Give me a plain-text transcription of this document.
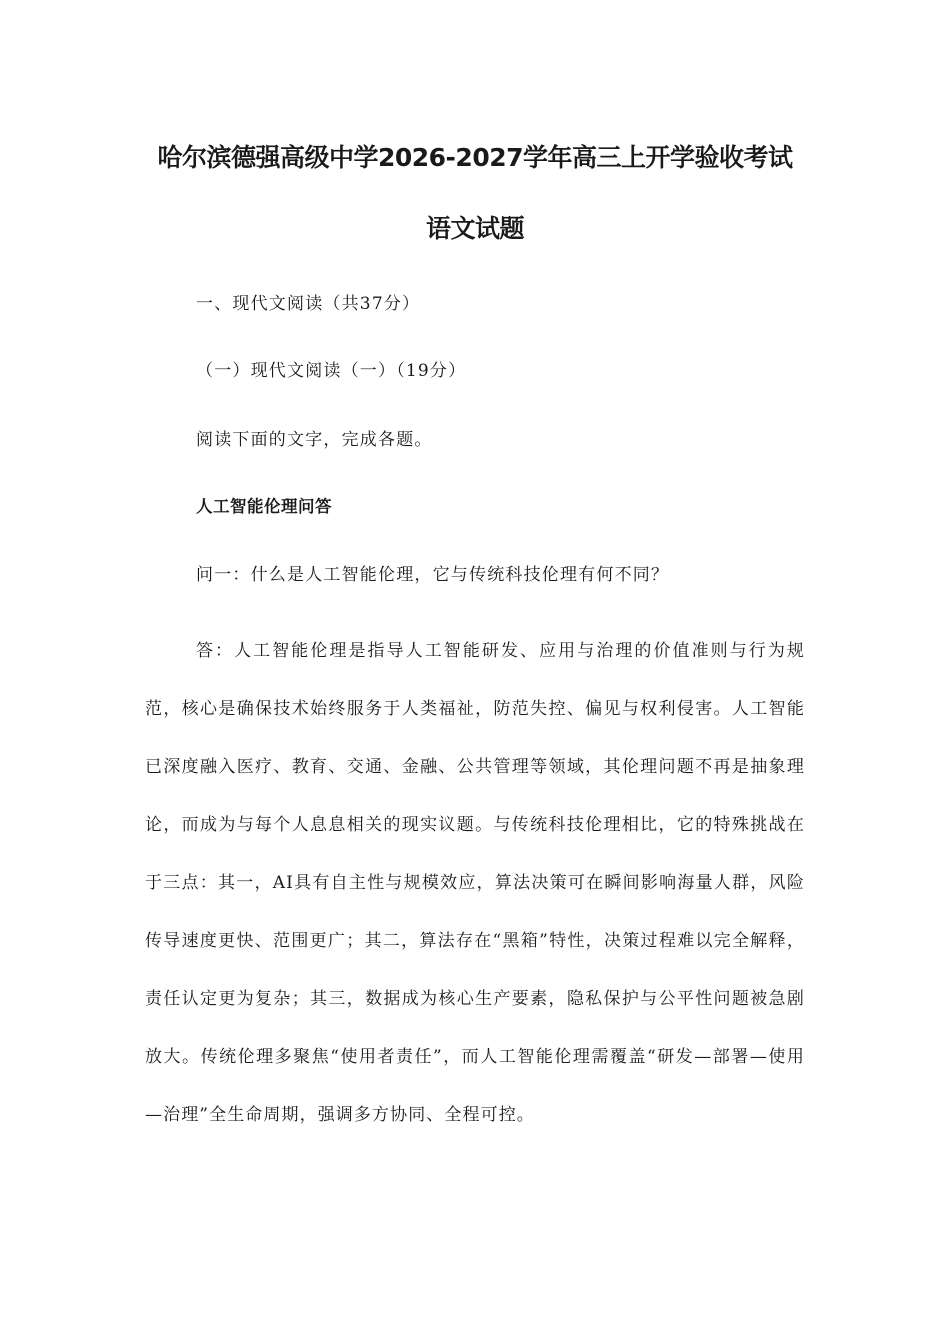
哈尔滨德强高级中学2026-2027学年高三上开学验收考试
语文试题
一、现代文阅读（共37分）
（一）现代文阅读（一）（19分）
阅读下面的文字，完成各题。
人工智能伦理问答
问一：什么是人工智能伦理，它与传统科技伦理有何不同？

答：人工智能伦理是指导人工智能研发、应用与治理的价值准则与行为规范，核心是确保技术始终服务于人类福祉，防范失控、偏见与权利侵害。人工智能已深度融入医疗、教育、交通、金融、公共管理等领域，其伦理问题不再是抽象理论，而成为与每个人息息相关的现实议题。与传统科技伦理相比，它的特殊挑战在于三点：其一，AI具有自主性与规模效应，算法决策可在瞬间影响海量人群，风险传导速度更快、范围更广；其二，算法存在“黑箱”特性，决策过程难以完全解释，责任认定更为复杂；其三，数据成为核心生产要素，隐私保护与公平性问题被急剧放大。传统伦理多聚焦“使用者责任”，而人工智能伦理需覆盖“研发—部署—使用—治理”全生命周期，强调多方协同、全程可控。
